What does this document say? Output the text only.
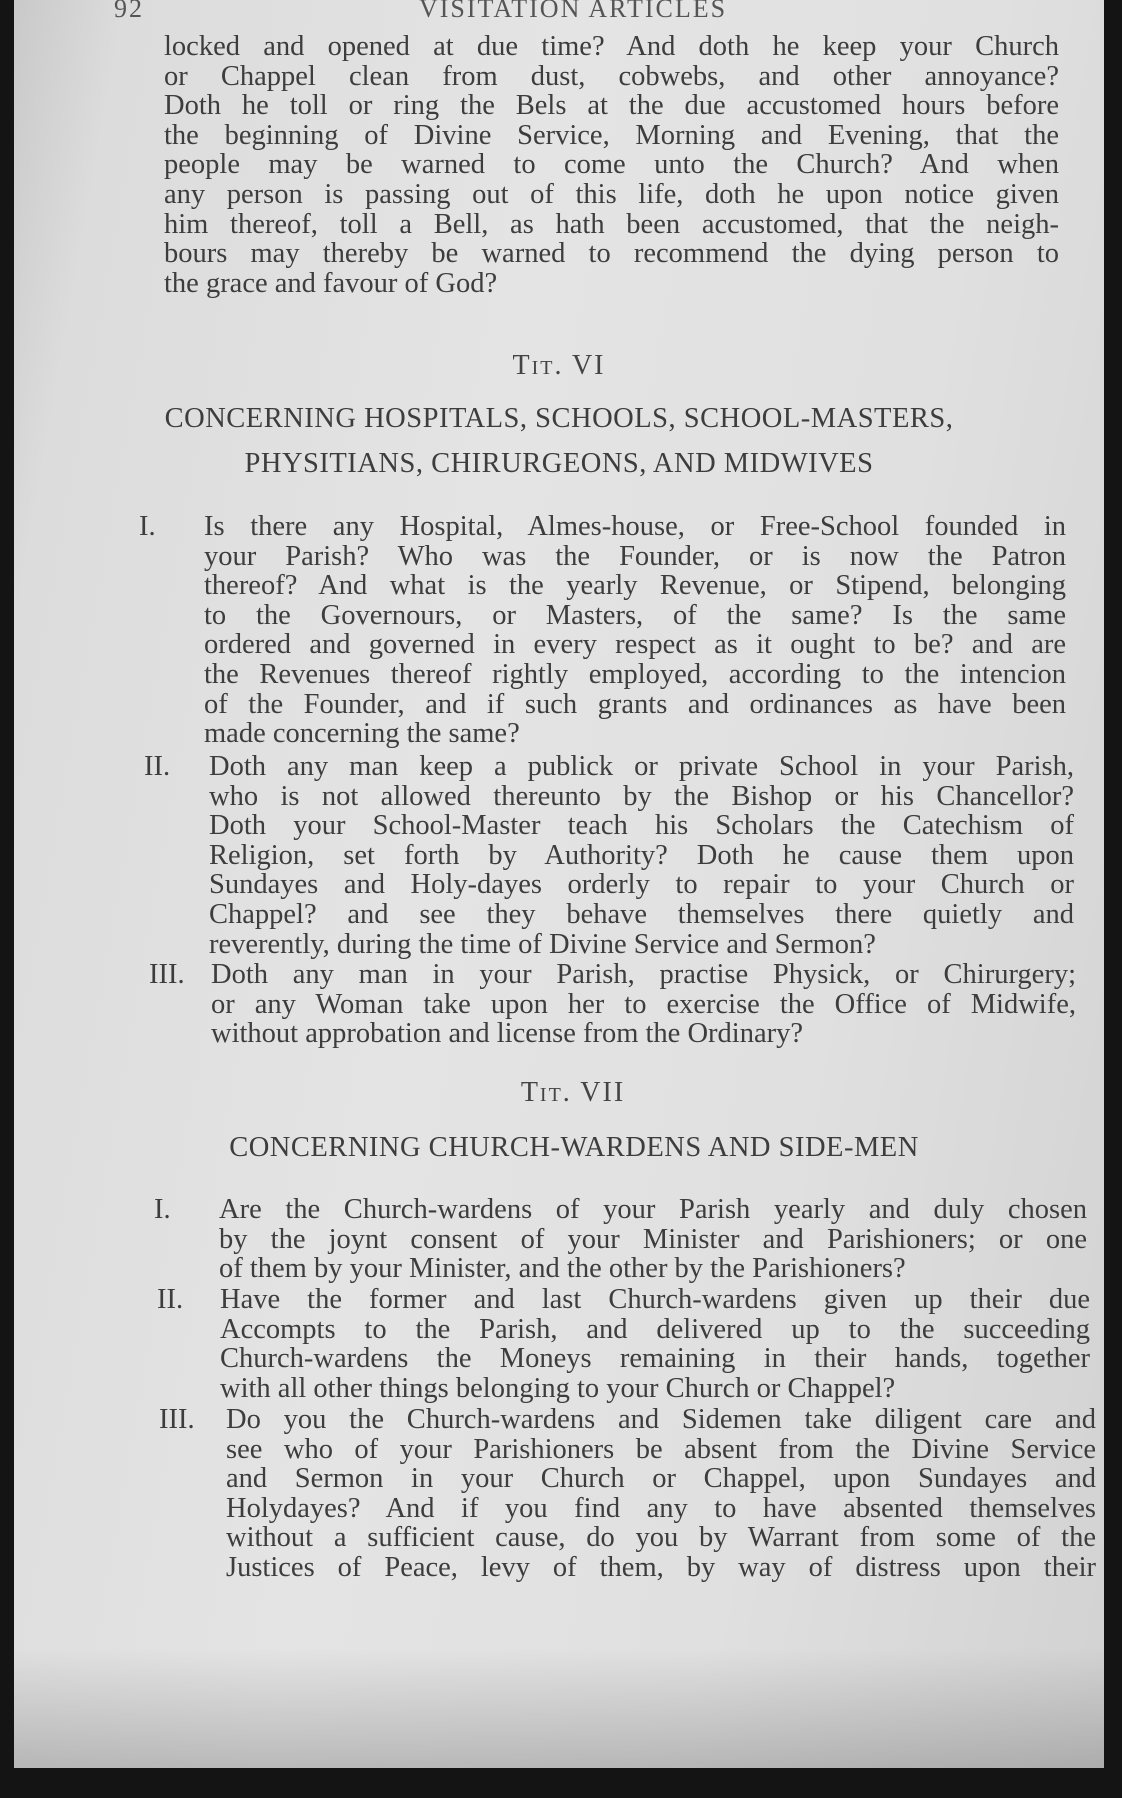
92	VISITATION ARTICLES
locked and opened at due time? And doth he keep your Church
or Chappel clean from dust, cobwebs, and other annoyance?
Doth he toll or ring the Bels at the due accustomed hours before
the beginning of Divine Service, Morning and Evening, that the
people may be warned to come unto the Church? And when
any person is passing out of this life, doth he upon notice given
him thereof, toll a Bell, as hath been accustomed, that the neigh-
bours may thereby be warned to recommend the dying person to
the grace and favour of God?
Tit. VI
CONCERNING HOSPITALS, SCHOOLS, SCHOOL-MASTERS,
PHYSITIANS, CHIRURGEONS, AND MIDWIVES
I. Is there any Hospital, Almes-house, or Free-School founded in
your Parish? Who was the Founder, or is now the Patron
thereof? And what is the yearly Revenue, or Stipend, belonging
to the Governours, or Masters, of the same? Is the same
ordered and governed in every respect as it ought to be? and are
the Revenues thereof rightly employed, according to the intencion
of the Founder, and if such grants and ordinances as have been
made concerning the same?
II. Doth any man keep a publick or private School in your Parish,
who is not allowed thereunto by the Bishop or his Chancellor?
Doth your School-Master teach his Scholars the Catechism of
Religion, set forth by Authority? Doth he cause them upon
Sundayes and Holy-dayes orderly to repair to your Church or
Chappel? and see they behave themselves there quietly and
reverently, during the time of Divine Service and Sermon?
III. Doth any man in your Parish, practise Physick, or Chirurgery;
or any Woman take upon her to exercise the Office of Midwife,
without approbation and license from the Ordinary?
Tit. VII
CONCERNING CHURCH-WARDENS AND SIDE-MEN
I. Are the Church-wardens of your Parish yearly and duly chosen
by the joynt consent of your Minister and Parishioners; or one
of them by your Minister, and the other by the Parishioners?
II. Have the former and last Church-wardens given up their due
Accompts to the Parish, and delivered up to the succeeding
Church-wardens the Moneys remaining in their hands, together
with all other things belonging to your Church or Chappel?
III. Do you the Church-wardens and Sidemen take diligent care and
see who of your Parishioners be absent from the Divine Service
and Sermon in your Church or Chappel, upon Sundayes and
Holydayes? And if you find any to have absented themselves
without a sufficient cause, do you by Warrant from some of the
Justices of Peace, levy of them, by way of distress upon their
